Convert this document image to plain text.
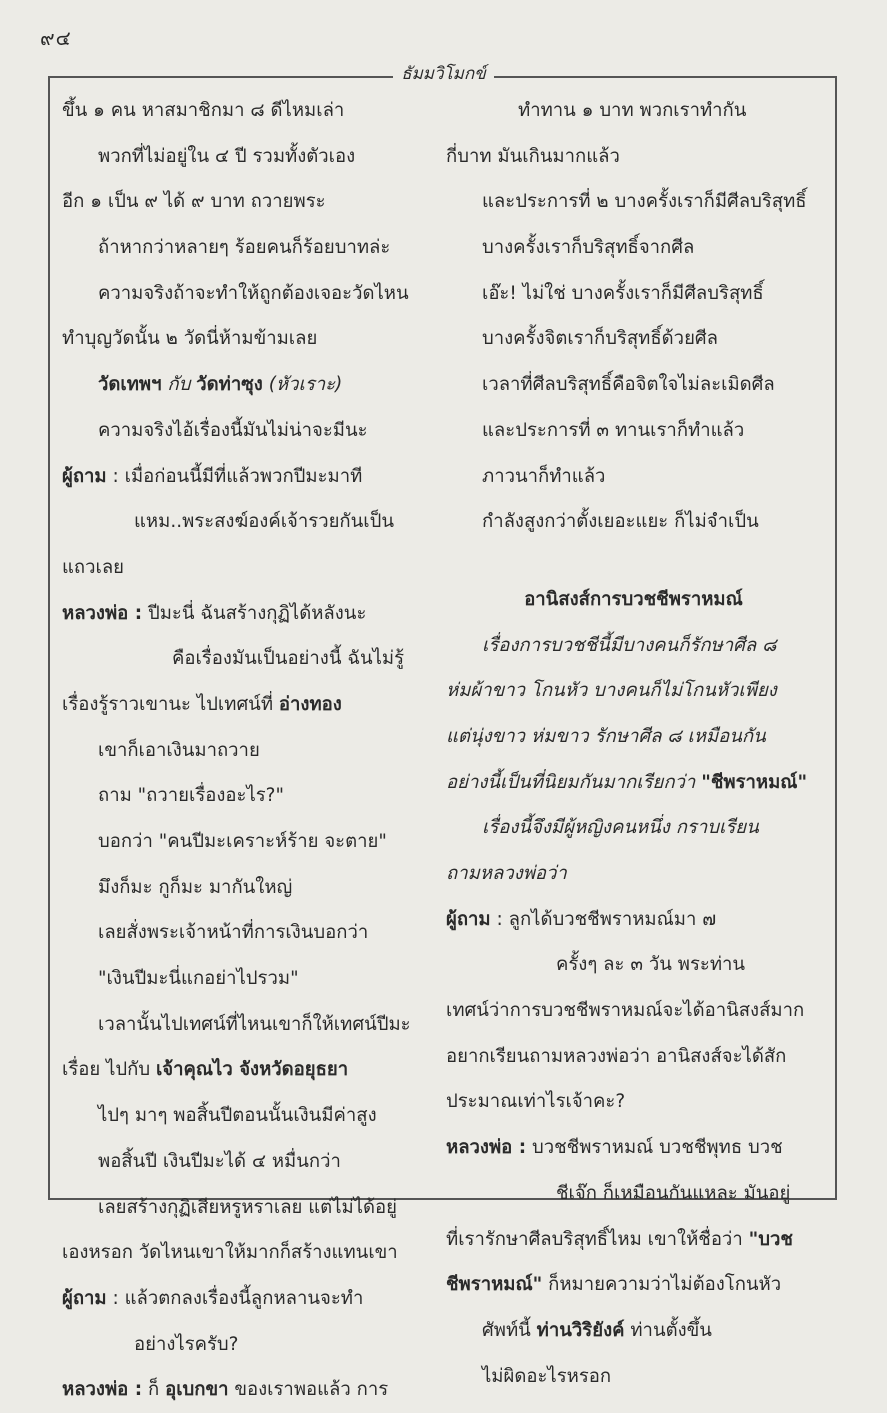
๙๔
ธัมมวิโมกข์
ขึ้น ๑ คน หาสมาชิกมา ๘ ดีไหมเล่า
พวกที่ไม่อยู่ใน ๔ ปี รวมทั้งตัวเอง
อีก ๑ เป็น ๙ ได้ ๙ บาท ถวายพระ
ถ้าหากว่าหลายๆ ร้อยคนก็ร้อยบาทล่ะ
ความจริงถ้าจะทำให้ถูกต้องเจอะวัดไหน
ทำบุญวัดนั้น ๒ วัดนี่ห้ามข้ามเลย
วัดเทพฯ กับ วัดท่าซุง (หัวเราะ)
ความจริงไอ้เรื่องนี้มันไม่น่าจะมีนะ
ผู้ถาม : เมื่อก่อนนี้มีที่แล้วพวกปีมะมาที
แหม..พระสงฆ์องค์เจ้ารวยกันเป็น
แถวเลย
หลวงพ่อ : ปีมะนี่ ฉันสร้างกุฏิได้หลังนะ
คือเรื่องมันเป็นอย่างนี้ ฉันไม่รู้
เรื่องรู้ราวเขานะ ไปเทศน์ที่ อ่างทอง
เขาก็เอาเงินมาถวาย
ถาม "ถวายเรื่องอะไร?"
บอกว่า "คนปีมะเคราะห์ร้าย จะตาย"
มึงก็มะ กูก็มะ มากันใหญ่
เลยสั่งพระเจ้าหน้าที่การเงินบอกว่า
"เงินปีมะนี่แกอย่าไปรวม"
เวลานั้นไปเทศน์ที่ไหนเขาก็ให้เทศน์ปีมะ
เรื่อย ไปกับ เจ้าคุณไว จังหวัดอยุธยา
ไปๆ มาๆ พอสิ้นปีตอนนั้นเงินมีค่าสูง
พอสิ้นปี เงินปีมะได้ ๔ หมื่นกว่า
เลยสร้างกุฏิเสียหรูหราเลย แต่ไม่ได้อยู่
เองหรอก วัดไหนเขาให้มากก็สร้างแทนเขา
ผู้ถาม : แล้วตกลงเรื่องนี้ลูกหลานจะทำ
อย่างไรครับ?
หลวงพ่อ : ก็ อุเบกขา ของเราพอแล้ว การ
ทำทาน ๑ บาท พวกเราทำกัน
กี่บาท มันเกินมากแล้ว
และประการที่ ๒ บางครั้งเราก็มีศีลบริสุทธิ์
บางครั้งเราก็บริสุทธิ์จากศีล
เอ๊ะ! ไม่ใช่ บางครั้งเราก็มีศีลบริสุทธิ์
บางครั้งจิตเราก็บริสุทธิ์ด้วยศีล
เวลาที่ศีลบริสุทธิ์คือจิตใจไม่ละเมิดศีล
และประการที่ ๓ ทานเราก็ทำแล้ว
ภาวนาก็ทำแล้ว
กำลังสูงกว่าตั้งเยอะแยะ ก็ไม่จำเป็น
อานิสงส์การบวชชีพราหมณ์
เรื่องการบวชชีนี้มีบางคนก็รักษาศีล ๘
ห่มผ้าขาว โกนหัว บางคนก็ไม่โกนหัวเพียง
แต่นุ่งขาว ห่มขาว รักษาศีล ๘ เหมือนกัน
อย่างนี้เป็นที่นิยมกันมากเรียกว่า "ชีพราหมณ์"
เรื่องนี้จึงมีผู้หญิงคนหนึ่ง กราบเรียน
ถามหลวงพ่อว่า
ผู้ถาม : ลูกได้บวชชีพราหมณ์มา ๗
ครั้งๆ ละ ๓ วัน พระท่าน
เทศน์ว่าการบวชชีพราหมณ์จะได้อานิสงส์มาก
อยากเรียนถามหลวงพ่อว่า อานิสงส์จะได้สัก
ประมาณเท่าไรเจ้าคะ?
หลวงพ่อ : บวชชีพราหมณ์ บวชชีพุทธ บวช
ชีเจ๊ก ก็เหมือนกันแหละ มันอยู่
ที่เรารักษาศีลบริสุทธิ์ไหม เขาให้ชื่อว่า "บวช
ชีพราหมณ์" ก็หมายความว่าไม่ต้องโกนหัว
ศัพท์นี้ ท่านวิริยังค์ ท่านตั้งขึ้น
ไม่ผิดอะไรหรอก
